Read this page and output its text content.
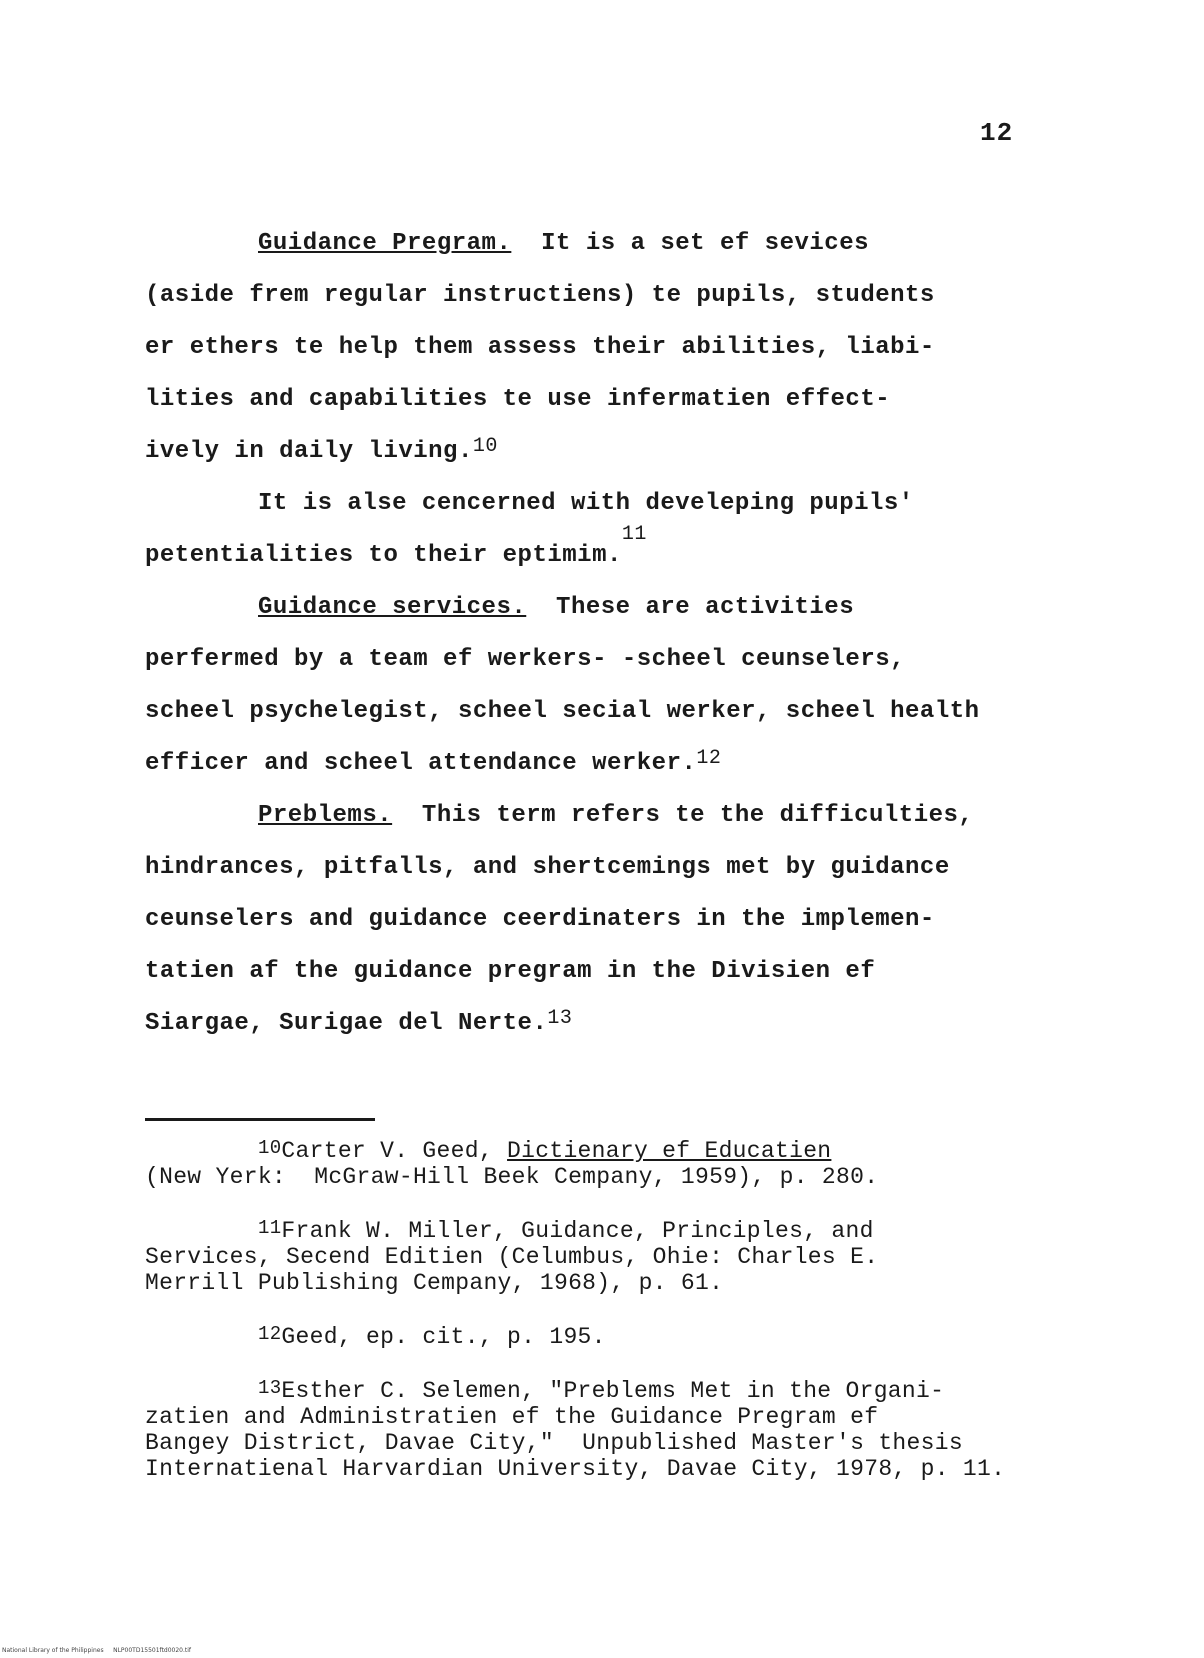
12
Guidance Pregram.  It is a set ef sevices
(aside frem regular instructiens) te pupils, students
er ethers te help them assess their abilities, liabi-
lities and capabilities te use infermatien effect-
ively in daily living.$^{10}$
It is alse cencerned with develeping pupils'
petentialities to their eptimim.$^{11}$
Guidance services.  These are activities
perfermed by a team ef werkers- -scheel ceunselers,
scheel psychelegist, scheel secial werker, scheel health
efficer and scheel attendance werker.$^{12}$
Preblems.  This term refers te the difficulties,
hindrances, pitfalls, and shertcemings met by guidance
ceunselers and guidance ceerdinaters in the implemen-
tatien af the guidance pregram in the Divisien ef
Siargae, Surigae del Nerte.$^{13}$
$^{10}$Carter V. Geed, Dictienary ef Educatien
(New Yerk:  McGraw-Hill Beek Cempany, 1959), p. 280.
$^{11}$Frank W. Miller, Guidance, Principles, and
Services, Secend Editien (Celumbus, Ohie: Charles E.
Merrill Publishing Cempany, 1968), p. 61.
$^{12}$Geed, ep. cit., p. 195.
$^{13}$Esther C. Selemen, "Preblems Met in the Organi-
zatien and Administratien ef the Guidance Pregram ef
Bangey District, Davae City,"  Unpublished Master's thesis
Internatienal Harvardian University, Davae City, 1978, p. 11.
National Library of the Philippines     NLP00TD15501ftd0020.tif
